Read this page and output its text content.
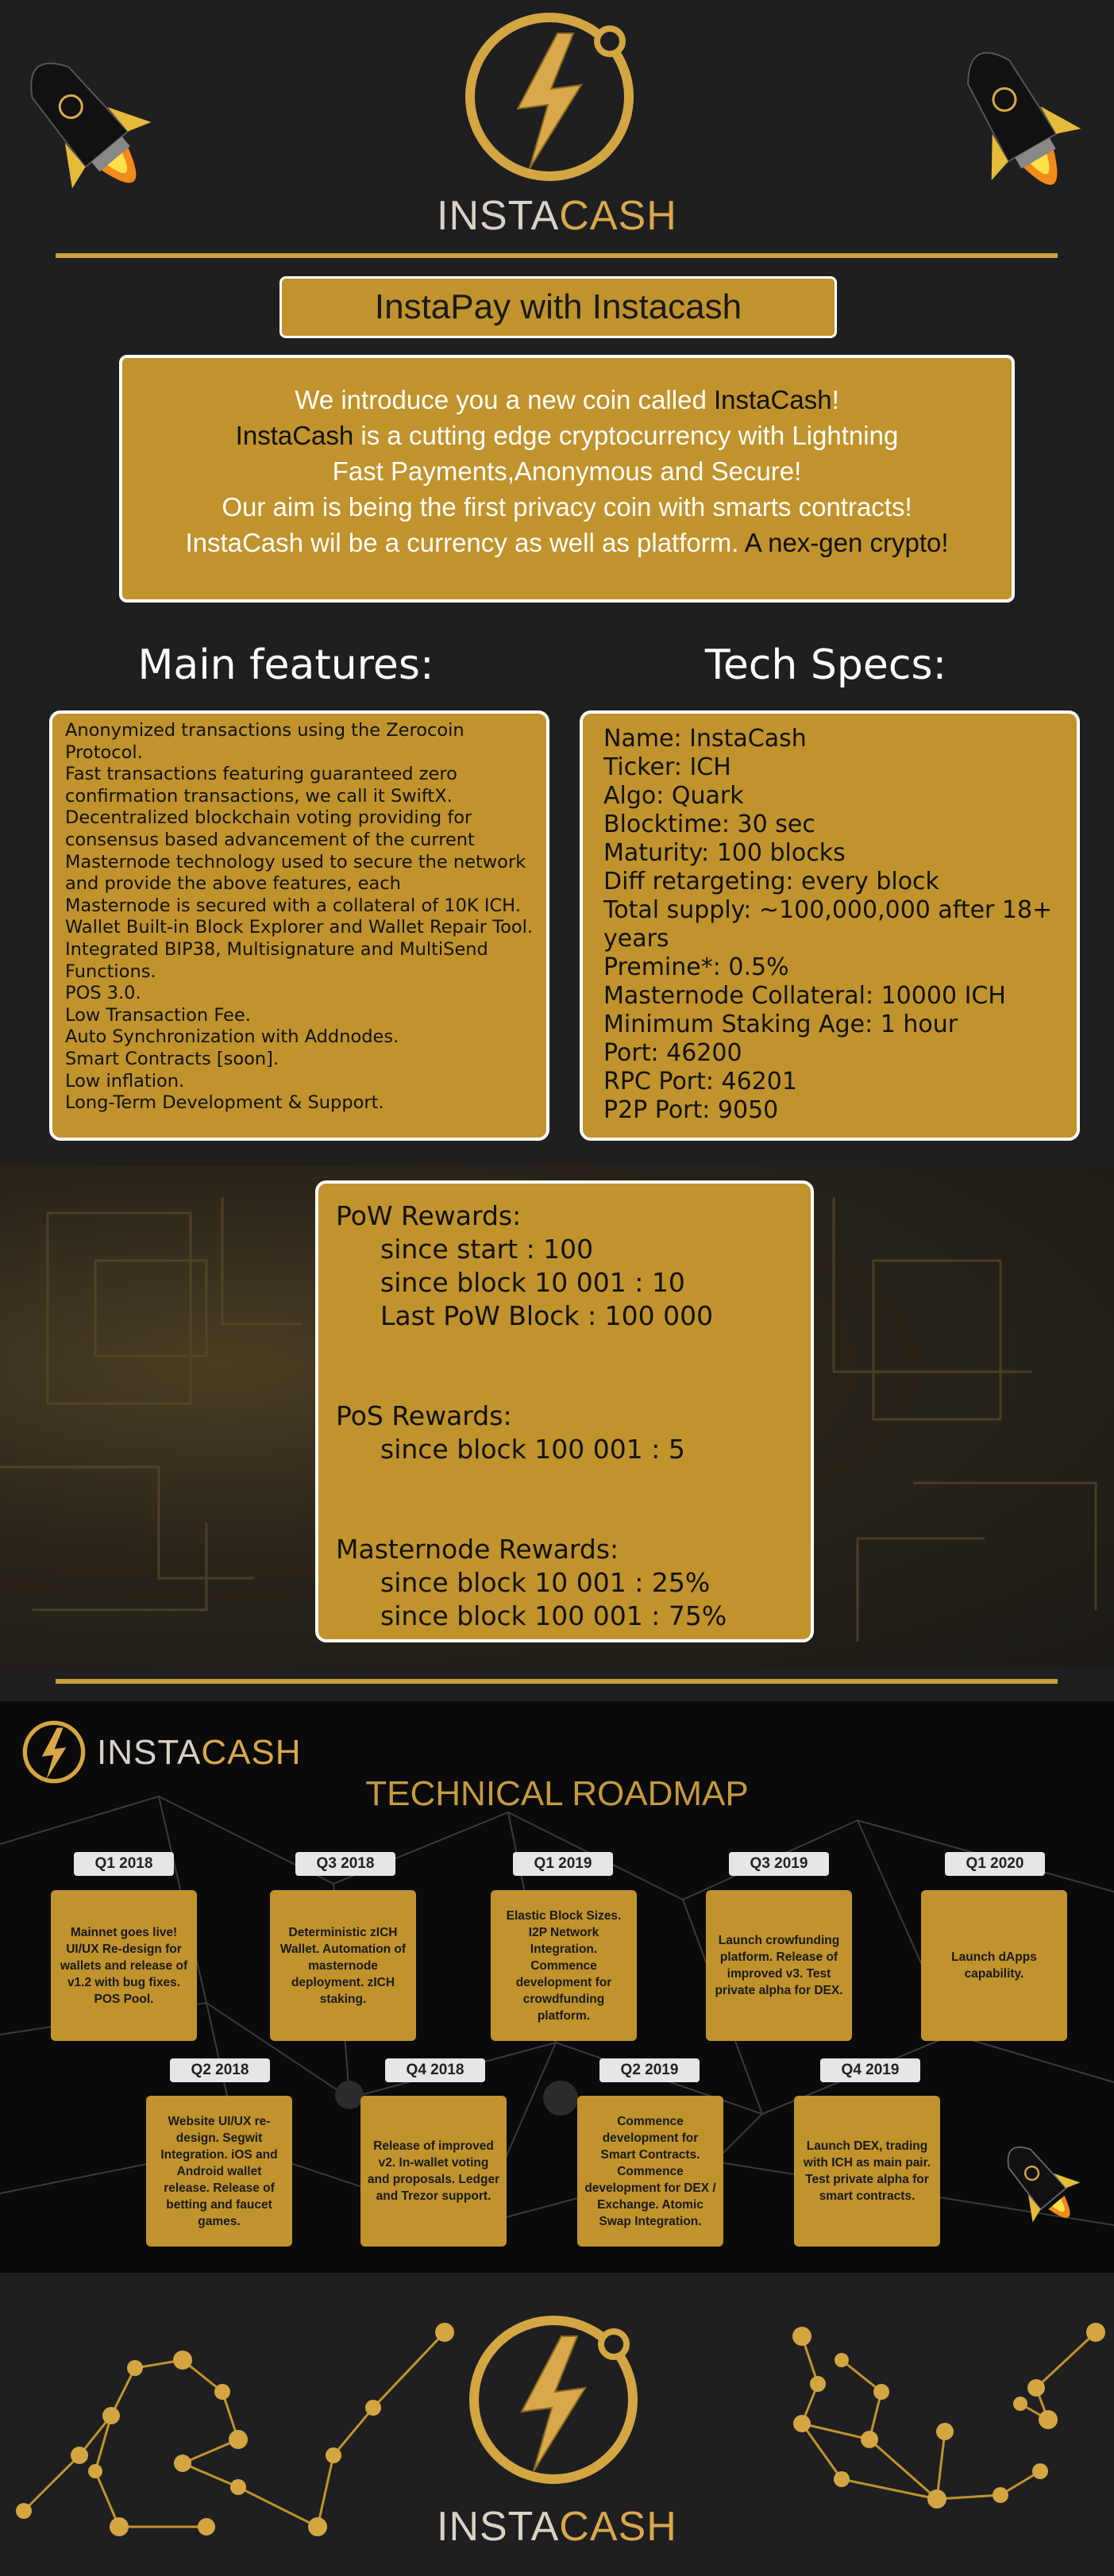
INSTACASH
InstaPay with Instacash
We introduce you a new coin called InstaCash!
InstaCash is a cutting edge cryptocurrency with Lightning
Fast Payments,Anonymous and Secure!
Our aim is being the first privacy coin with smarts contracts!
InstaCash wil be a currency as well as platform. A nex-gen crypto!
Main features:	Tech Specs:
Anonymized transactions using the Zerocoin Protocol.
Fast transactions featuring guaranteed zero confirmation transactions, we call it SwiftX.
Decentralized blockchain voting providing for consensus based advancement of the current
Masternode technology used to secure the network and provide the above features, each
Masternode is secured with a collateral of 10K ICH.
Wallet Built-in Block Explorer and Wallet Repair Tool.
Integrated BIP38, Multisignature and MultiSend Functions.
POS 3.0.
Low Transaction Fee.
Auto Synchronization with Addnodes.
Smart Contracts [soon].
Low inflation.
Long-Term Development & Support.
Name: InstaCash
Ticker: ICH
Algo: Quark
Blocktime: 30 sec
Maturity: 100 blocks
Diff retargeting: every block
Total supply: ~100,000,000 after 18+ years
Premine*: 0.5%
Masternode Collateral: 10000 ICH
Minimum Staking Age: 1 hour
Port: 46200
RPC Port: 46201
P2P Port: 9050
PoW Rewards:
since start : 100
since block 10 001 : 10
Last PoW Block : 100 000
PoS Rewards:
since block 100 001 : 5
Masternode Rewards:
since block 10 001 : 25%
since block 100 001 : 75%
INSTACASH
TECHNICAL ROADMAP
Q1 2018
Mainnet goes live! UI/UX Re-design for wallets and release of v1.2 with bug fixes. POS Pool.
Q3 2018
Deterministic zICH Wallet. Automation of masternode deployment. zICH staking.
Q1 2019
Elastic Block Sizes. I2P Network Integration. Commence development for crowdfunding platform.
Q3 2019
Launch crowfunding platform. Release of improved v3. Test private alpha for DEX.
Q1 2020
Launch dApps capability.
Q2 2018
Website UI/UX re-design. Segwit Integration. iOS and Android wallet release. Release of betting and faucet games.
Q4 2018
Release of improved v2. In-wallet voting and proposals. Ledger and Trezor support.
Q2 2019
Commence development for Smart Contracts. Commence development for DEX / Exchange. Atomic Swap Integration.
Q4 2019
Launch DEX, trading with ICH as main pair. Test private alpha for smart contracts.
INSTACASH
